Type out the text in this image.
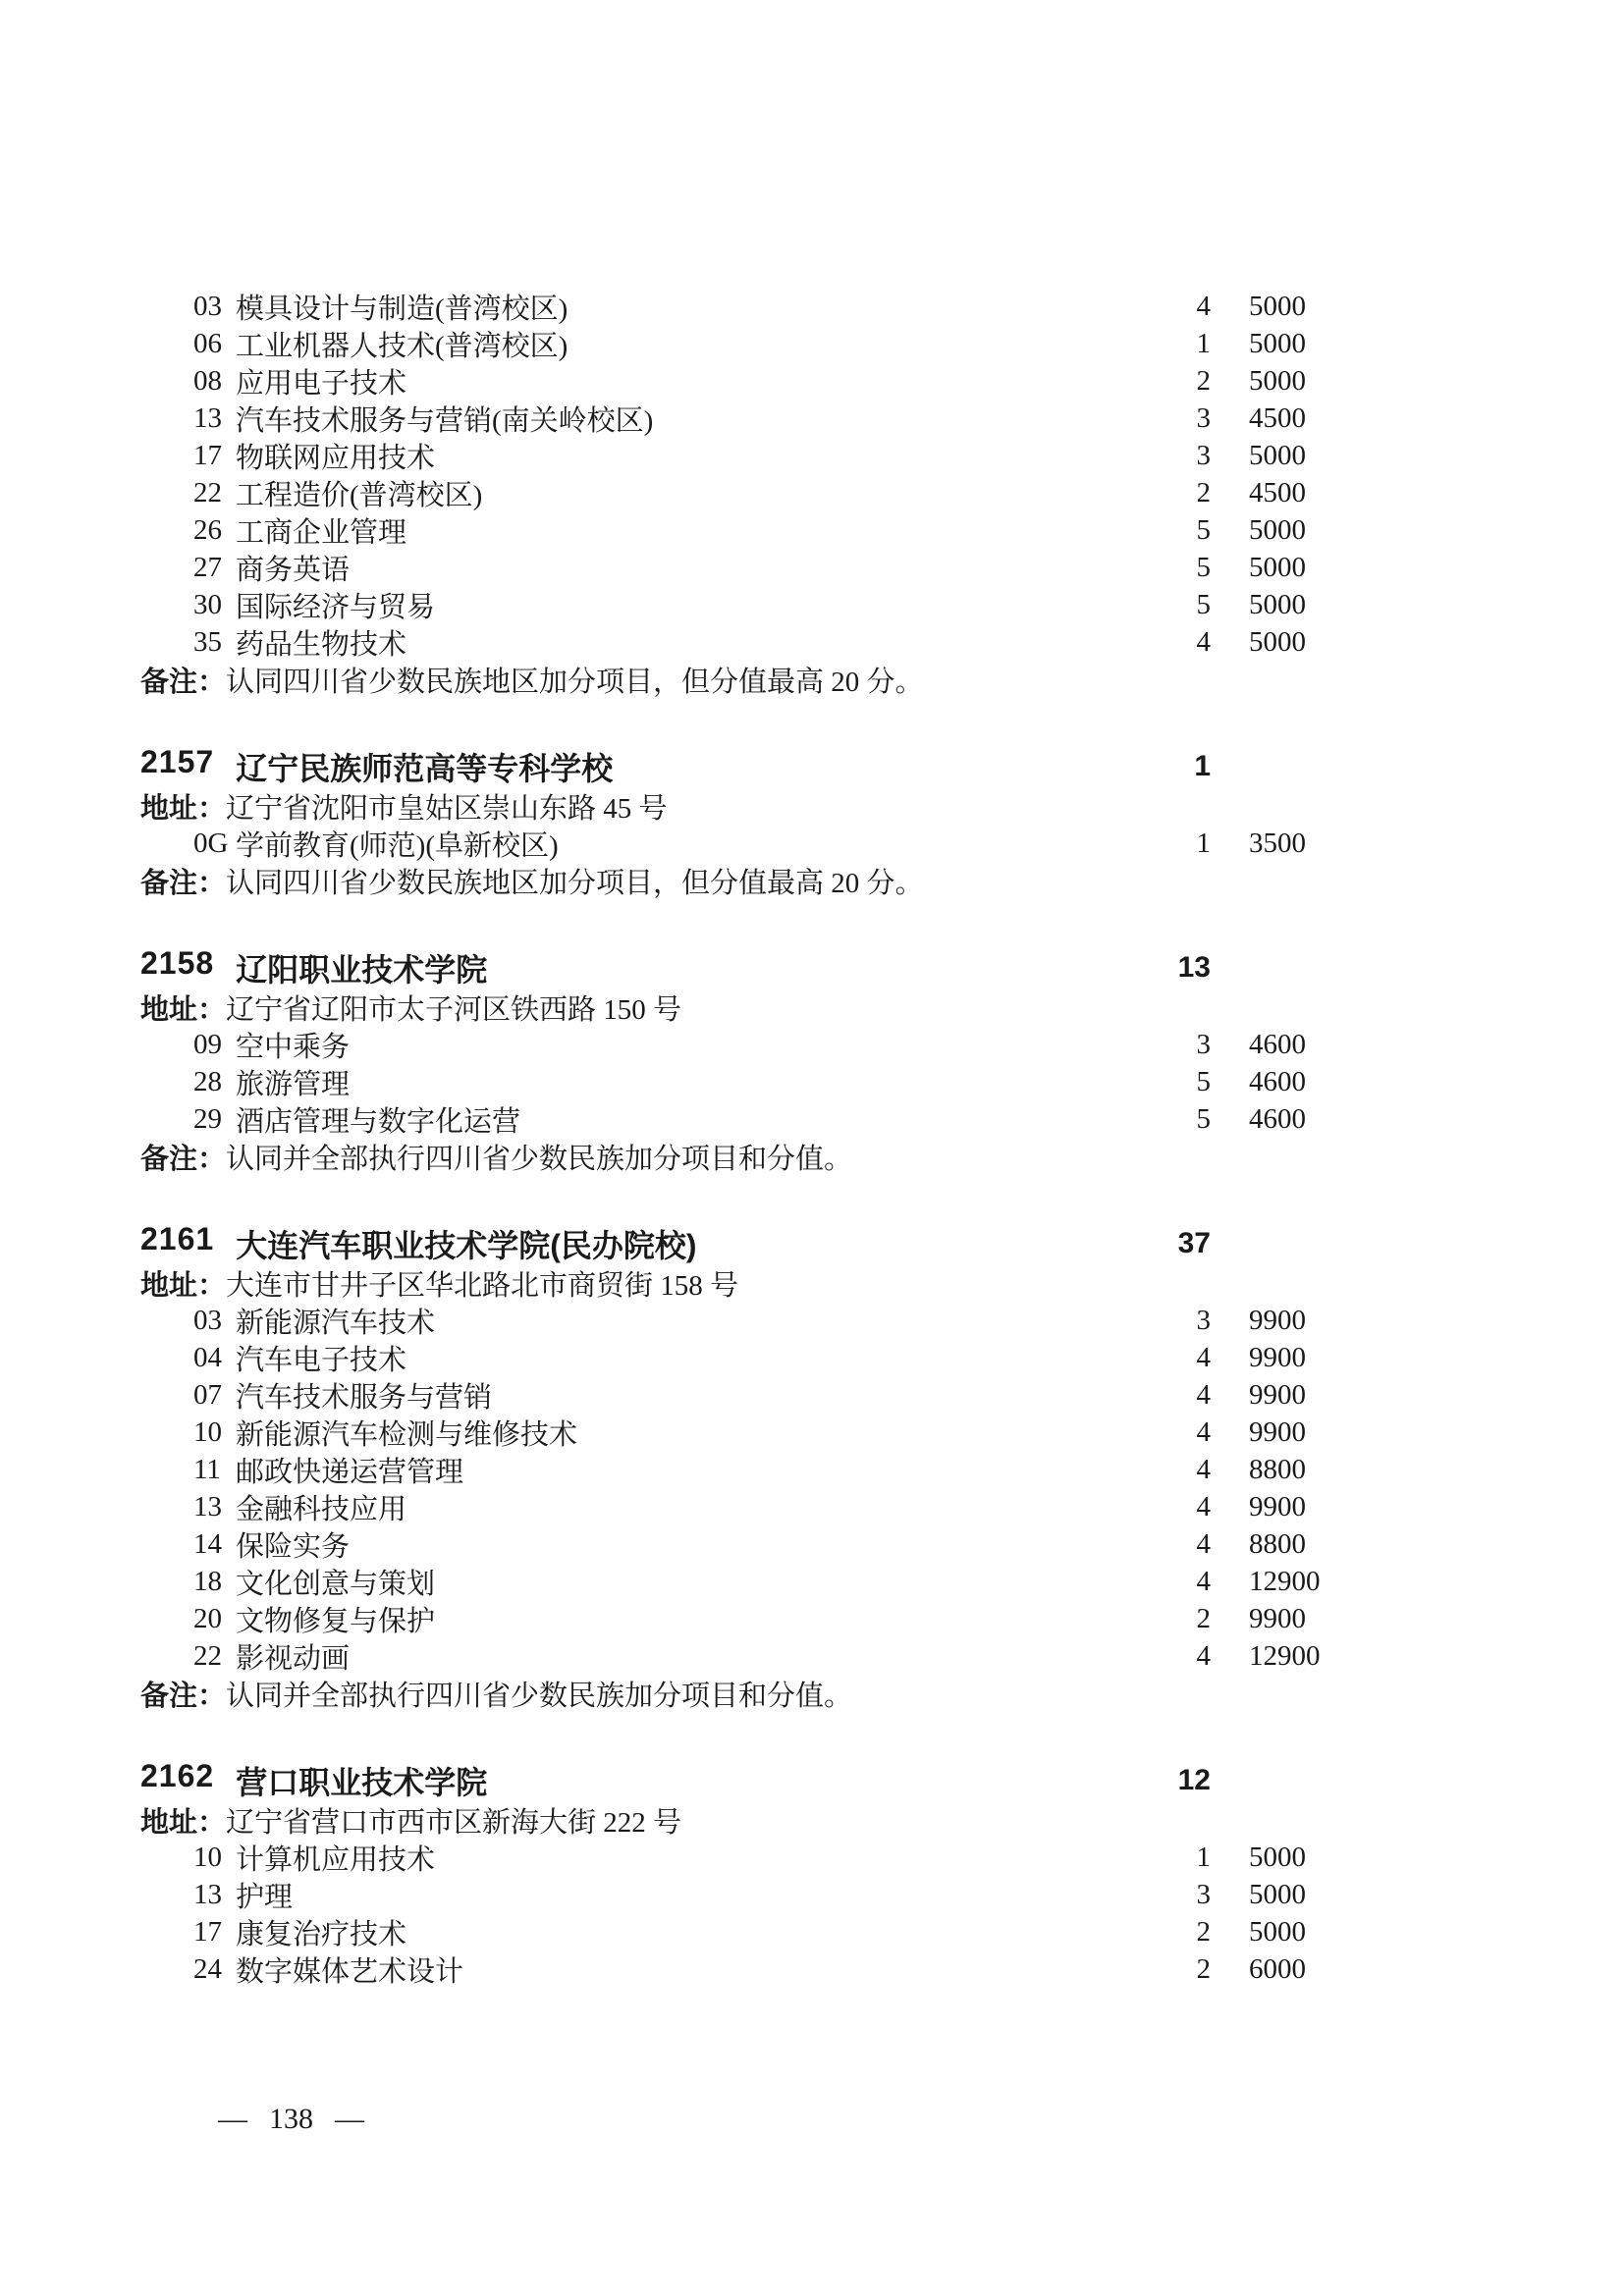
03 模具设计与制造(普湾校区)	4 5000
06 工业机器人技术(普湾校区)	1 5000
08 应用电子技术	2 5000
13 汽车技术服务与营销(南关岭校区)	3 4500
17 物联网应用技术	3 5000
22 工程造价(普湾校区)	2 4500
26 工商企业管理	5 5000
27 商务英语	5 5000
30 国际经济与贸易	5 5000
35 药品生物技术	4 5000
备注： 认同四川省少数民族地区加分项目，但分值最高 20 分。
2157 辽宁民族师范高等专科学校	1
地址： 辽宁省沈阳市皇姑区崇山东路 45 号
0G 学前教育(师范)(阜新校区)	1 3500
备注： 认同四川省少数民族地区加分项目，但分值最高 20 分。
2158 辽阳职业技术学院	13
地址： 辽宁省辽阳市太子河区铁西路 150 号
09 空中乘务	3 4600
28 旅游管理	5 4600
29 酒店管理与数字化运营	5 4600
备注： 认同并全部执行四川省少数民族加分项目和分值。
2161 大连汽车职业技术学院(民办院校)	37
地址： 大连市甘井子区华北路北市商贸街 158 号
03 新能源汽车技术	3 9900
04 汽车电子技术	4 9900
07 汽车技术服务与营销	4 9900
10 新能源汽车检测与维修技术	4 9900
11 邮政快递运营管理	4 8800
13 金融科技应用	4 9900
14 保险实务	4 8800
18 文化创意与策划	4 12900
20 文物修复与保护	2 9900
22 影视动画	4 12900
备注： 认同并全部执行四川省少数民族加分项目和分值。
2162 营口职业技术学院	12
地址： 辽宁省营口市西市区新海大街 222 号
10 计算机应用技术	1 5000
13 护理	3 5000
17 康复治疗技术	2 5000
24 数字媒体艺术设计	2 6000
— 138 —
